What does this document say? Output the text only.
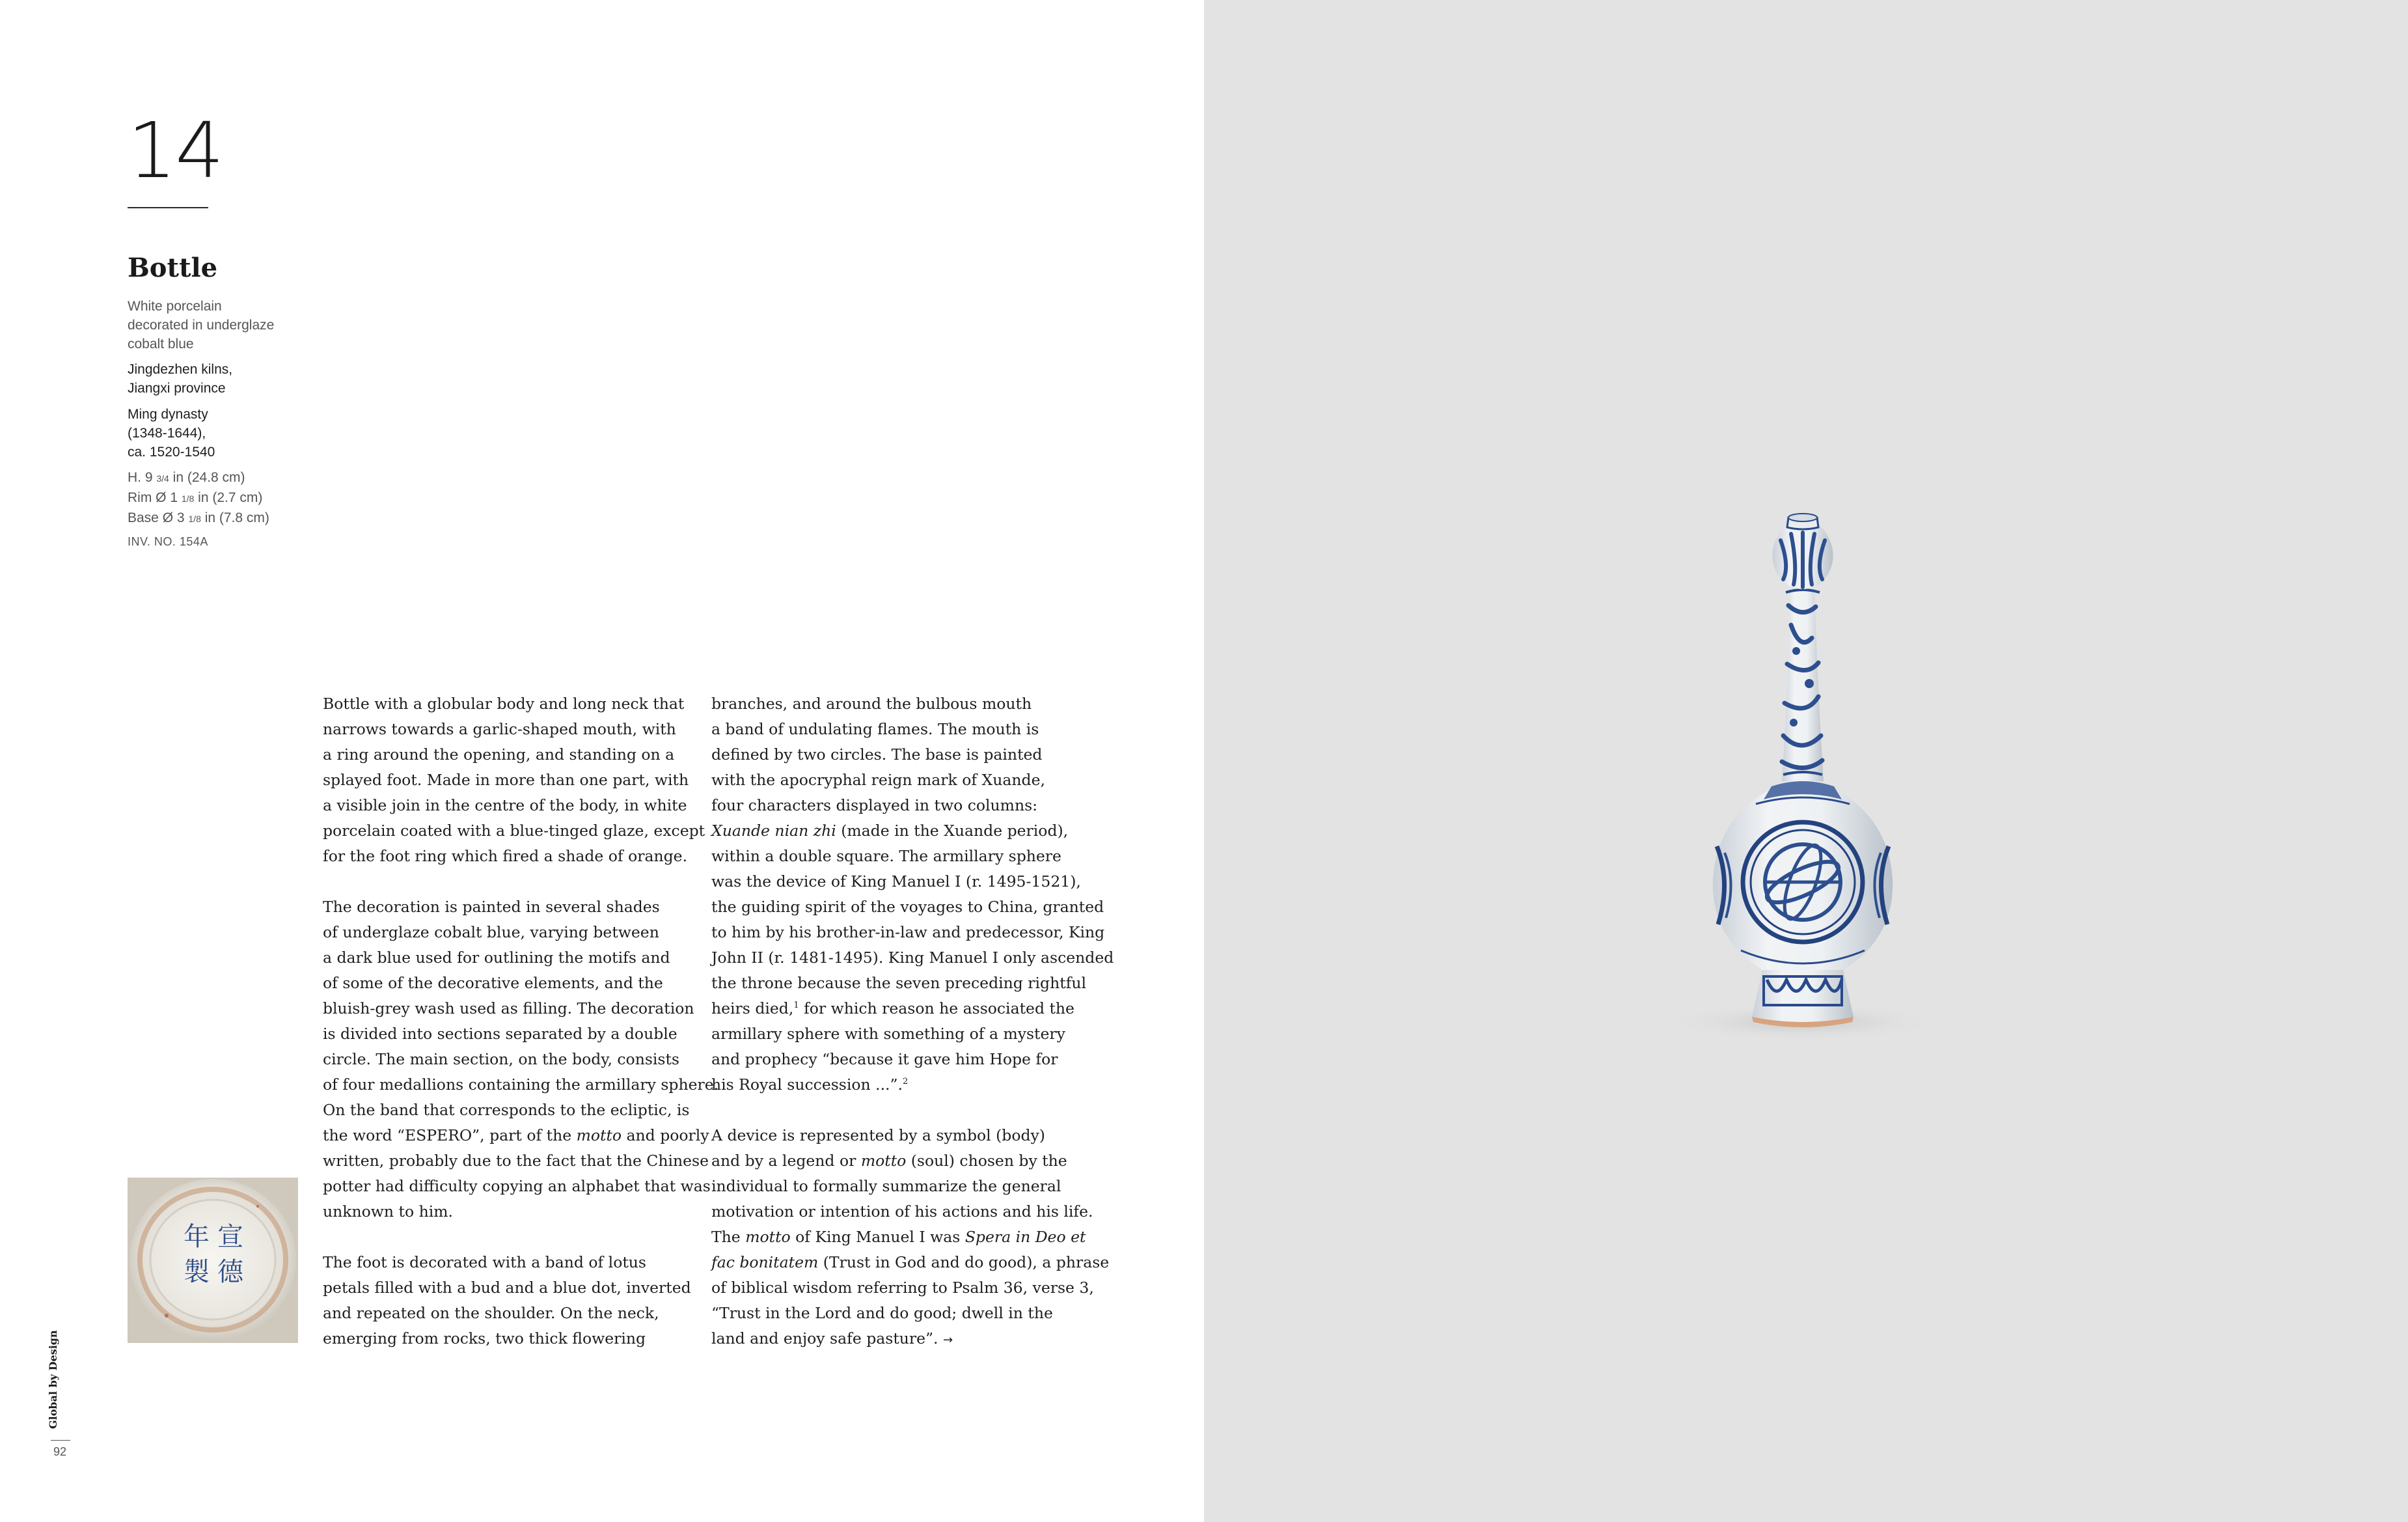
14
Bottle
White porcelain
decorated in underglaze
cobalt blue
Jingdezhen kilns,
Jiangxi province
Ming dynasty
(1348-1644),
ca. 1520-1540
H. 9 3/4 in (24.8 cm)
Rim Ø 1 1/8 in (2.7 cm)
Base Ø 3 1/8 in (7.8 cm)
INV. NO. 154A

Bottle with a globular body and long neck that
narrows towards a garlic-shaped mouth, with
a ring around the opening, and standing on a
splayed foot. Made in more than one part, with
a visible join in the centre of the body, in white
porcelain coated with a blue-tinged glaze, except
for the foot ring which fired a shade of orange.

The decoration is painted in several shades
of underglaze cobalt blue, varying between
a dark blue used for outlining the motifs and
of some of the decorative elements, and the
bluish-grey wash used as filling. The decoration
is divided into sections separated by a double
circle. The main section, on the body, consists
of four medallions containing the armillary sphere.
On the band that corresponds to the ecliptic, is
the word “ESPERO”, part of the motto and poorly
written, probably due to the fact that the Chinese
potter had difficulty copying an alphabet that was
unknown to him.

The foot is decorated with a band of lotus
petals filled with a bud and a blue dot, inverted
and repeated on the shoulder. On the neck,
emerging from rocks, two thick flowering

branches, and around the bulbous mouth
a band of undulating flames. The mouth is
defined by two circles. The base is painted
with the apocryphal reign mark of Xuande,
four characters displayed in two columns:
Xuande nian zhi (made in the Xuande period),
within a double square. The armillary sphere
was the device of King Manuel I (r. 1495-1521),
the guiding spirit of the voyages to China, granted
to him by his brother-in-law and predecessor, King
John II (r. 1481-1495). King Manuel I only ascended
the throne because the seven preceding rightful
heirs died,$^1$ for which reason he associated the
armillary sphere with something of a mystery
and prophecy “because it gave him Hope for
his Royal succession ...”.$^2$

A device is represented by a symbol (body)
and by a legend or motto (soul) chosen by the
individual to formally summarize the general
motivation or intention of his actions and his life.
The motto of King Manuel I was Spera in Deo et
fac bonitatem (Trust in God and do good), a phrase
of biblical wisdom referring to Psalm 36, verse 3,
“Trust in the Lord and do good; dwell in the
land and enjoy safe pasture”. →

宣
德
年
製
Global by Design
92
